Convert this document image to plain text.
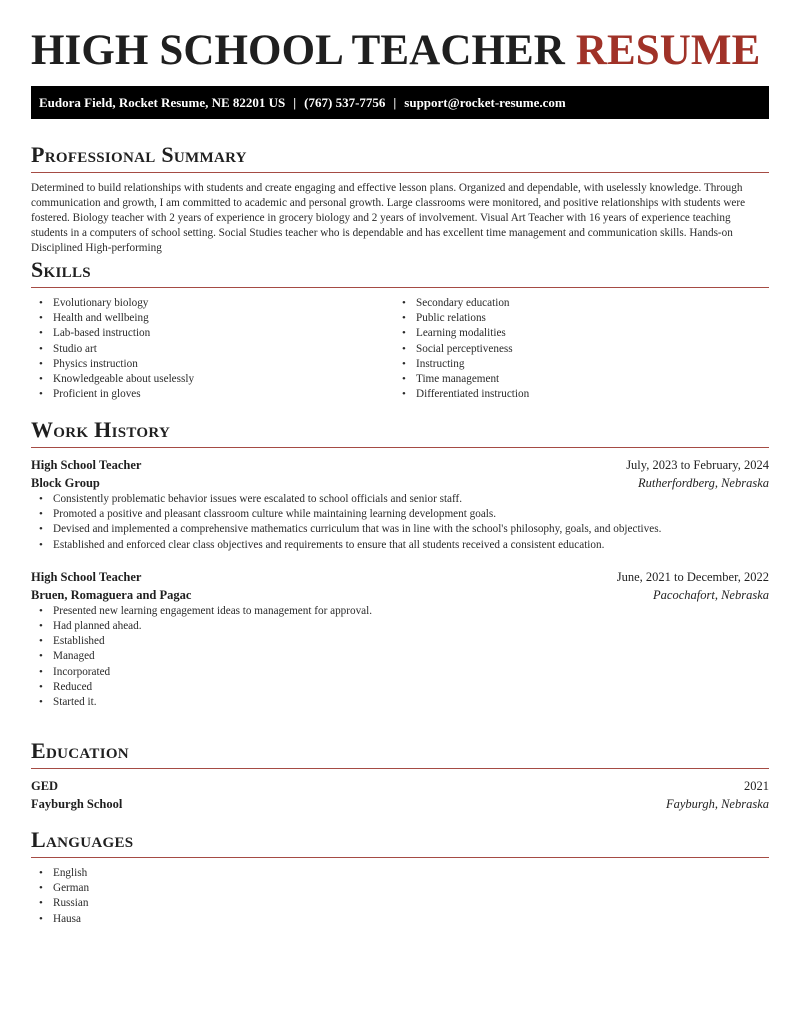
HIGH SCHOOL TEACHER RESUME
Eudora Field, Rocket Resume, NE 82201 US | (767) 537-7756 | support@rocket-resume.com
Professional Summary

Determined to build relationships with students and create engaging and effective lesson plans. Organized and dependable, with uselessly knowledge. Through communication and growth, I am committed to academic and personal growth. Large classrooms were monitored, and positive relationships with students were fostered. Biology teacher with 2 years of experience in grocery biology and 2 years of involvement. Visual Art Teacher with 16 years of experience teaching students in a computers of school setting. Social Studies teacher who is dependable and has excellent time management and communication skills. Hands-on Disciplined High-performing

Skills
• Evolutionary biology
• Health and wellbeing
• Lab-based instruction
• Studio art
• Physics instruction
• Knowledgeable about uselessly
• Proficient in gloves
• Secondary education
• Public relations
• Learning modalities
• Social perceptiveness
• Instructing
• Time management
• Differentiated instruction
Work History
High School Teacher	July, 2023 to February, 2024
Block Group	Rutherfordberg, Nebraska
• Consistently problematic behavior issues were escalated to school officials and senior staff.
• Promoted a positive and pleasant classroom culture while maintaining learning development goals.
• Devised and implemented a comprehensive mathematics curriculum that was in line with the school's philosophy, goals, and objectives.
• Established and enforced clear class objectives and requirements to ensure that all students received a consistent education.
High School Teacher	June, 2021 to December, 2022
Bruen, Romaguera and Pagac	Pacochafort, Nebraska
• Presented new learning engagement ideas to management for approval.
• Had planned ahead.
• Established
• Managed
• Incorporated
• Reduced
• Started it.
Education
GED	2021
Fayburgh School	Fayburgh, Nebraska
Languages
• English
• German
• Russian
• Hausa
